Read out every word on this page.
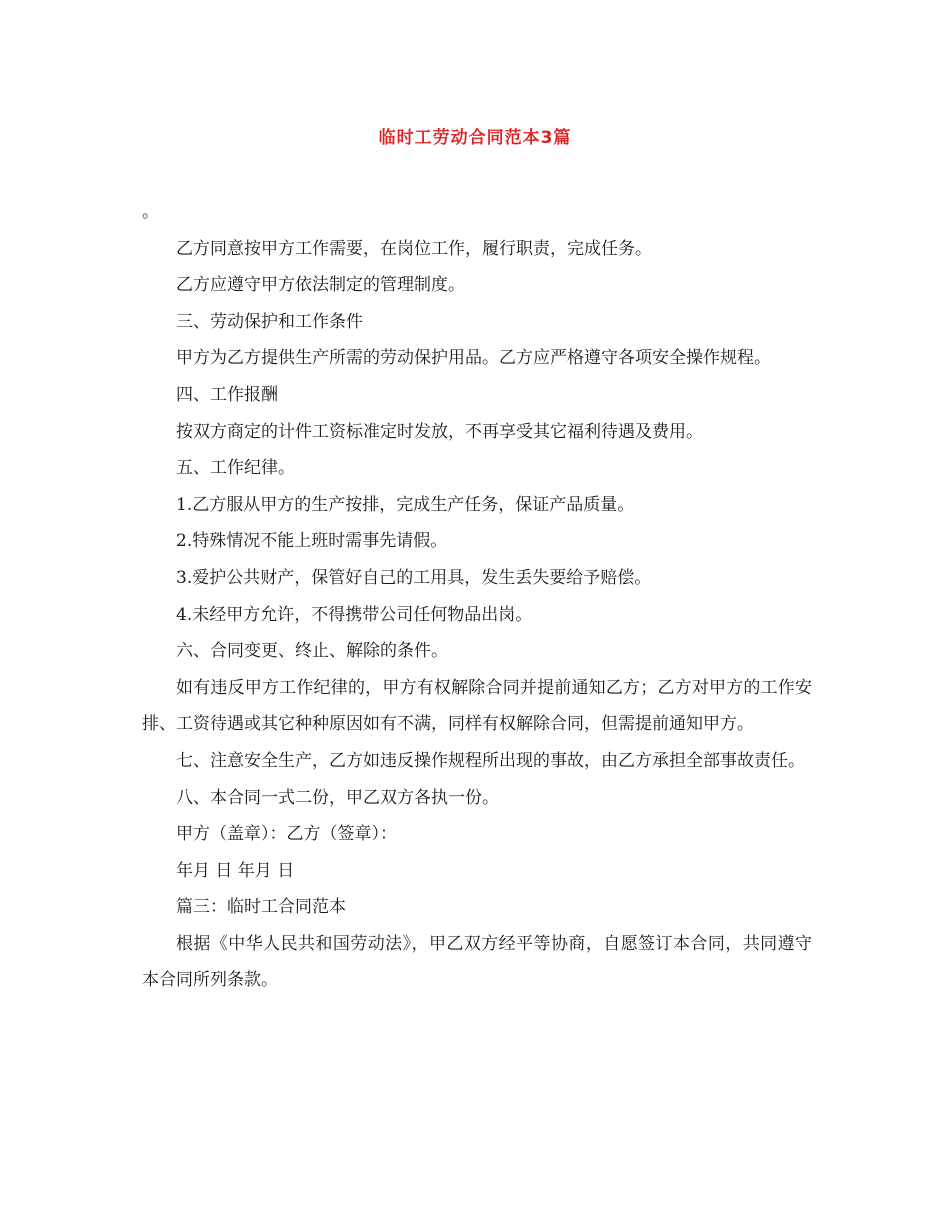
临时工劳动合同范本3篇

。

乙方同意按甲方工作需要，在岗位工作，履行职责，完成任务。

乙方应遵守甲方依法制定的管理制度。

三、劳动保护和工作条件

甲方为乙方提供生产所需的劳动保护用品。乙方应严格遵守各项安全操作规程。

四、工作报酬

按双方商定的计件工资标准定时发放，不再享受其它福利待遇及费用。

五、工作纪律。

1.乙方服从甲方的生产按排，完成生产任务，保证产品质量。

2.特殊情况不能上班时需事先请假。

3.爱护公共财产，保管好自己的工用具，发生丢失要给予赔偿。

4.未经甲方允许，不得携带公司任何物品出岗。

六、合同变更、终止、解除的条件。

如有违反甲方工作纪律的，甲方有权解除合同并提前通知乙方；乙方对甲方的工作安排、工资待遇或其它种种原因如有不满，同样有权解除合同，但需提前通知甲方。

七、注意安全生产，乙方如违反操作规程所出现的事故，由乙方承担全部事故责任。

八、本合同一式二份，甲乙双方各执一份。

甲方（盖章）：乙方（签章）：

年月 日 年月 日

篇三：临时工合同范本

根据《中华人民共和国劳动法》，甲乙双方经平等协商，自愿签订本合同，共同遵守本合同所列条款。
